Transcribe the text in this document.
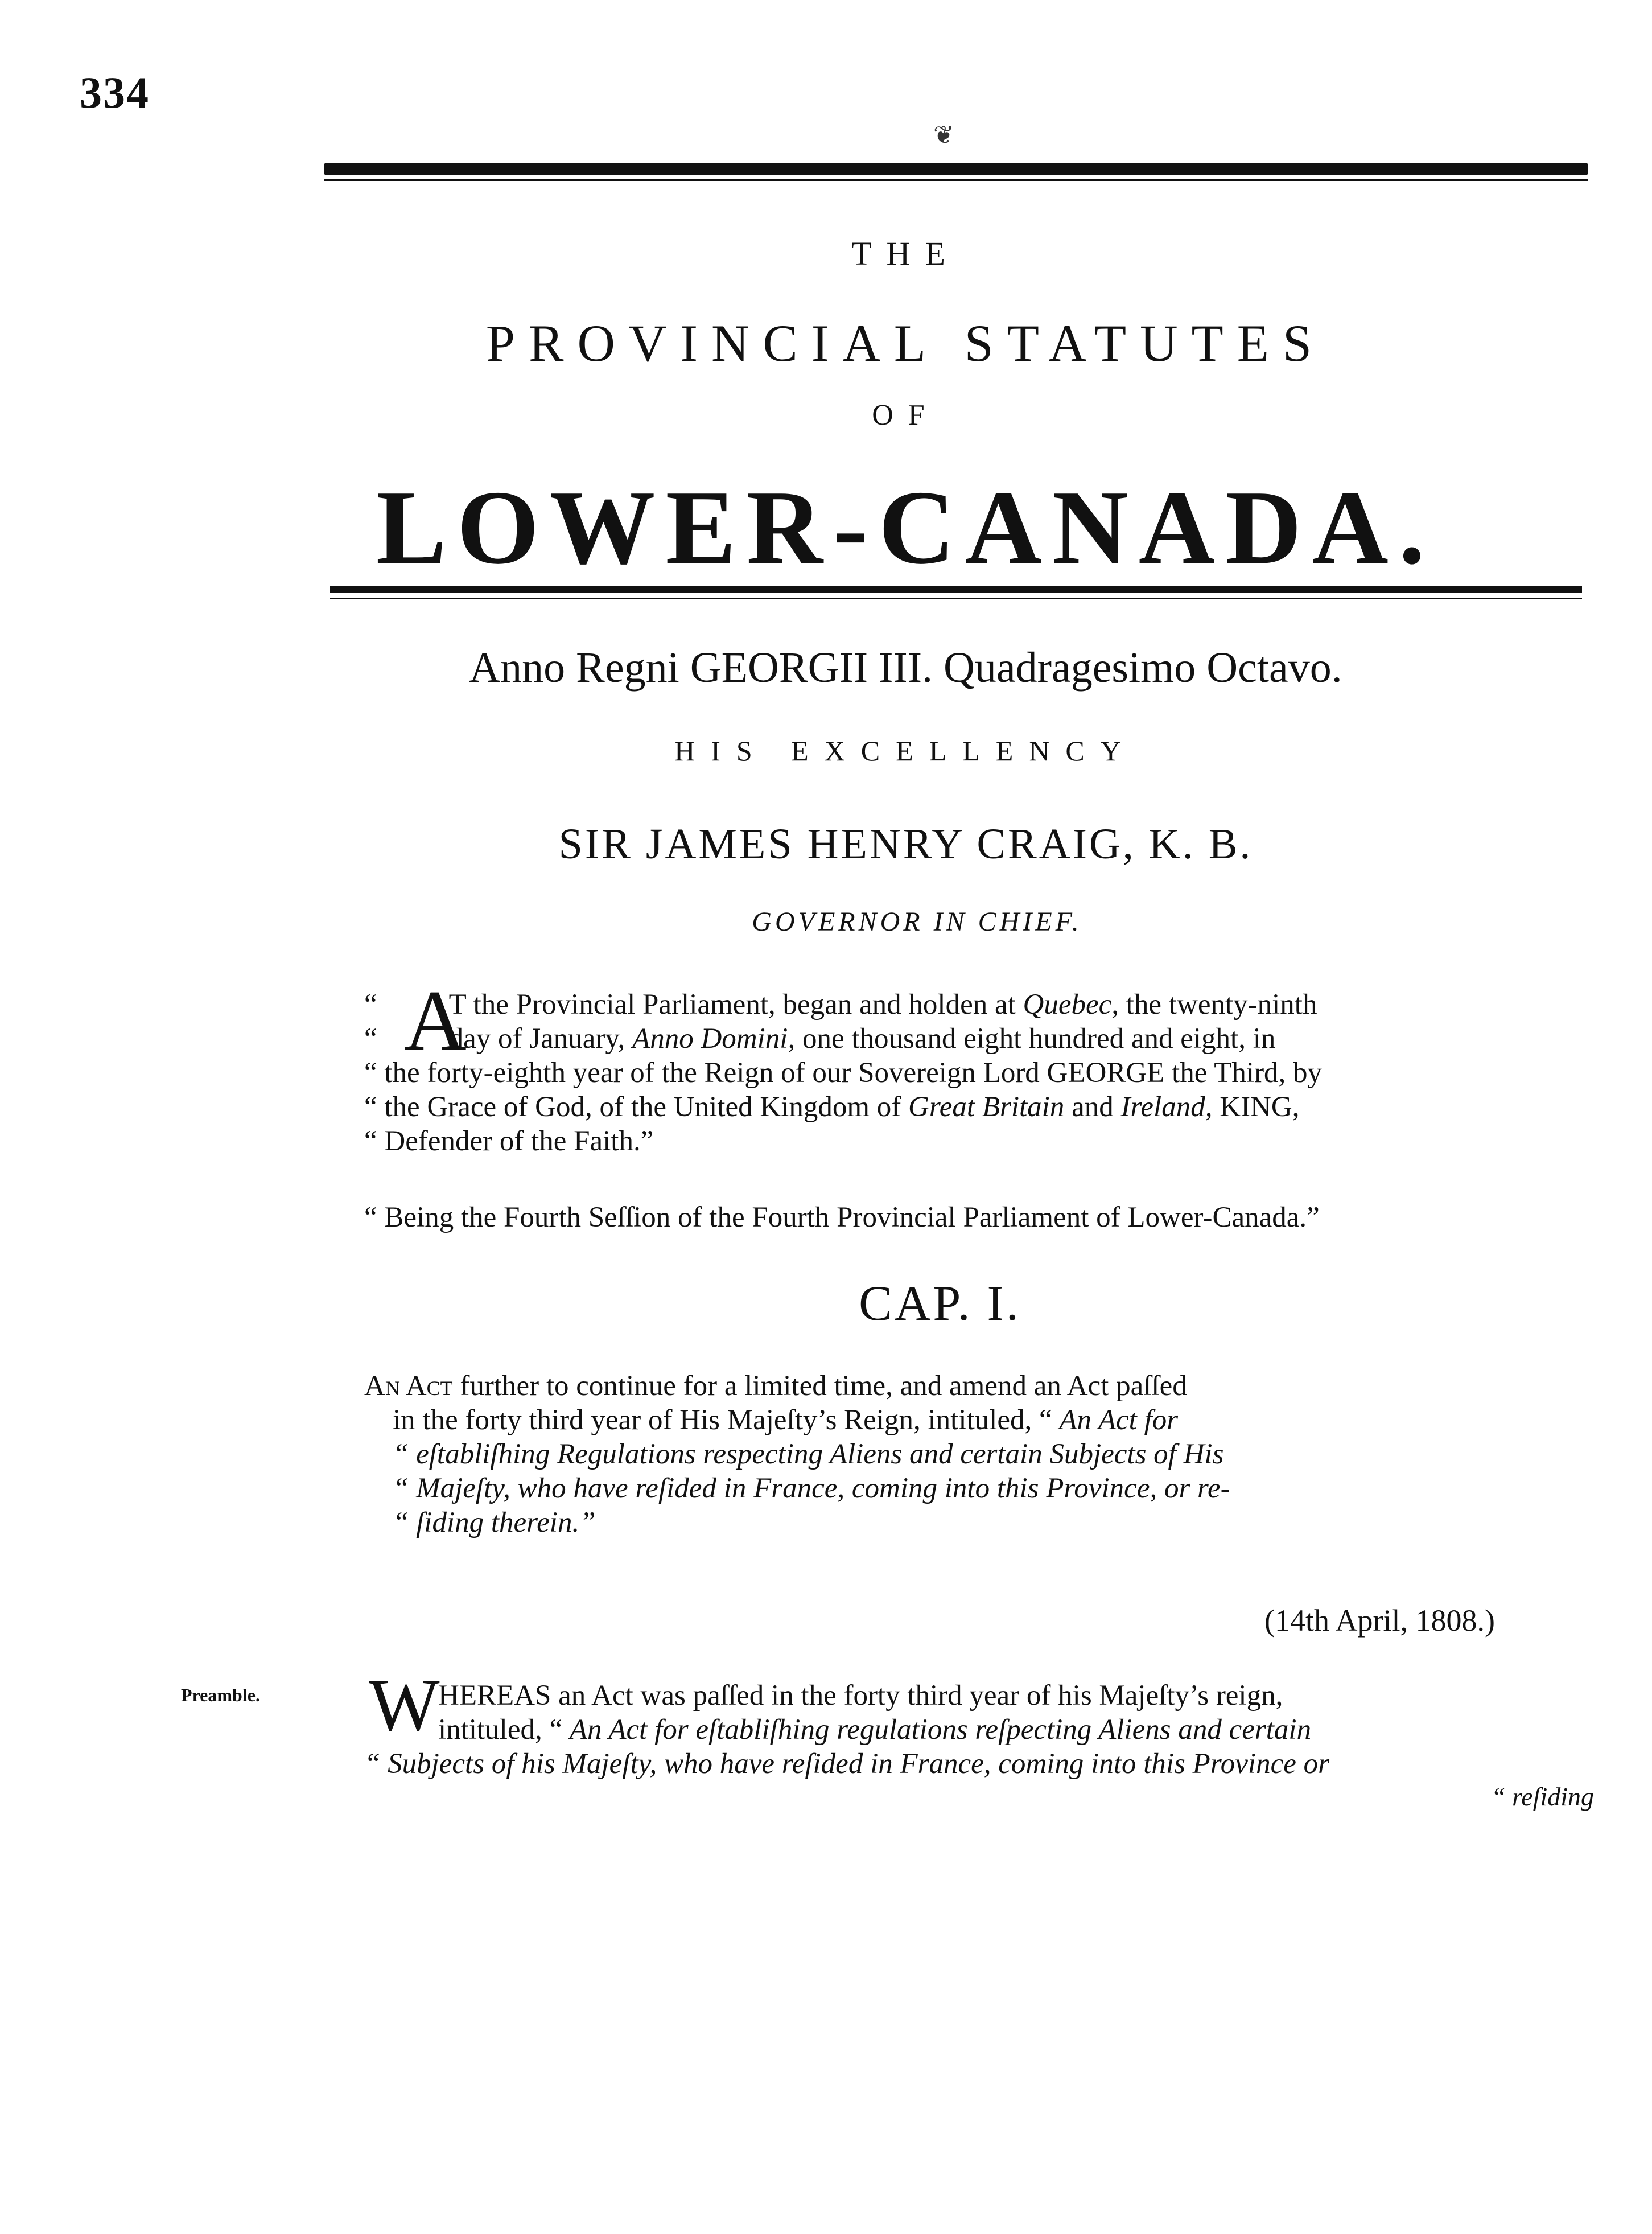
334
❦
THE
PROVINCIAL STATUTES
OF
LOWER-CANADA.
Anno Regni GEORGII III. Quadragesimo Octavo.
HIS EXCELLENCY
SIR JAMES HENRY CRAIG, K. B.
GOVERNOR IN CHIEF.
A
“ T the Provincial Parliament, began and holden at Quebec, the twenty-ninth
“ day of January, Anno Domini, one thousand eight hundred and eight, in
“ the forty-eighth year of the Reign of our Sovereign Lord GEORGE the Third, by
“ the Grace of God, of the United Kingdom of Great Britain and Ireland, KING,
“ Defender of the Faith.”
“ Being the Fourth Seſſion of the Fourth Provincial Parliament of Lower-Canada.”
CAP. I.
An Act further to continue for a limited time, and amend an Act paſſed
in the forty third year of His Majeſty’s Reign, intituled, “ An Act for
“ eſtabliſhing Regulations respecting Aliens and certain Subjects of His
“ Majeſty, who have reſided in France, coming into this Province, or re-
“ ſiding therein.”
(14th April, 1808.)
Preamble. W
HEREAS an Act was paſſed in the forty third year of his Majeſty’s reign,
intituled, “ An Act for eſtabliſhing regulations reſpecting Aliens and certain
“ Subjects of his Majeſty, who have reſided in France, coming into this Province or
“ reſiding
